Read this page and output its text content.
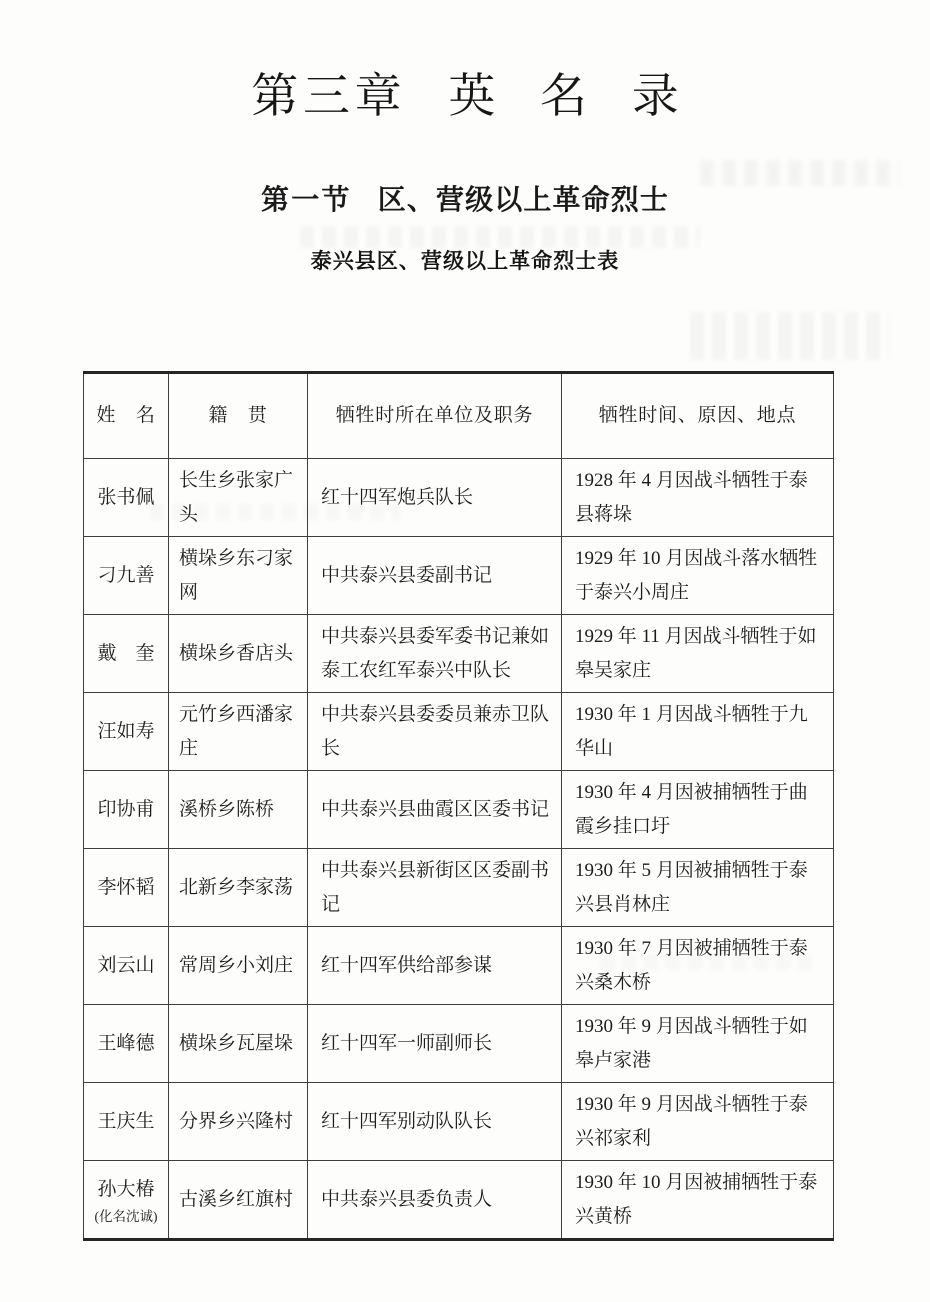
第三章 英名录
第一节 区、营级以上革命烈士
泰兴县区、营级以上革命烈士表
姓　名	籍　贯	牺牲时所在单位及职务	牺牲时间、原因、地点

张书佩	长生乡张家广头	红十四军炮兵队长	1928 年 4 月因战斗牺牲于泰县蒋垛

刁九善	横垛乡东刁家网	中共泰兴县委副书记	1929 年 10 月因战斗落水牺牲于泰兴小周庄

戴　奎	横垛乡香店头	中共泰兴县委军委书记兼如泰工农红军泰兴中队长	1929 年 11 月因战斗牺牲于如皋吴家庄

汪如寿	元竹乡西潘家庄	中共泰兴县委委员兼赤卫队长	1930 年 1 月因战斗牺牲于九华山

印协甫	溪桥乡陈桥	中共泰兴县曲霞区区委书记	1930 年 4 月因被捕牺牲于曲霞乡挂口圩

李怀韬	北新乡李家荡	中共泰兴县新街区区委副书记	1930 年 5 月因被捕牺牲于泰兴县肖林庄

刘云山	常周乡小刘庄	红十四军供给部参谋	1930 年 7 月因被捕牺牲于泰兴桑木桥

王峰德	横垛乡瓦屋垛	红十四军一师副师长	1930 年 9 月因战斗牺牲于如皋卢家港

王庆生	分界乡兴隆村	红十四军别动队队长	1930 年 9 月因战斗牺牲于泰兴祁家利

孙大椿
(化名沈诚)	古溪乡红旗村	中共泰兴县委负责人	1930 年 10 月因被捕牺牲于泰兴黄桥
